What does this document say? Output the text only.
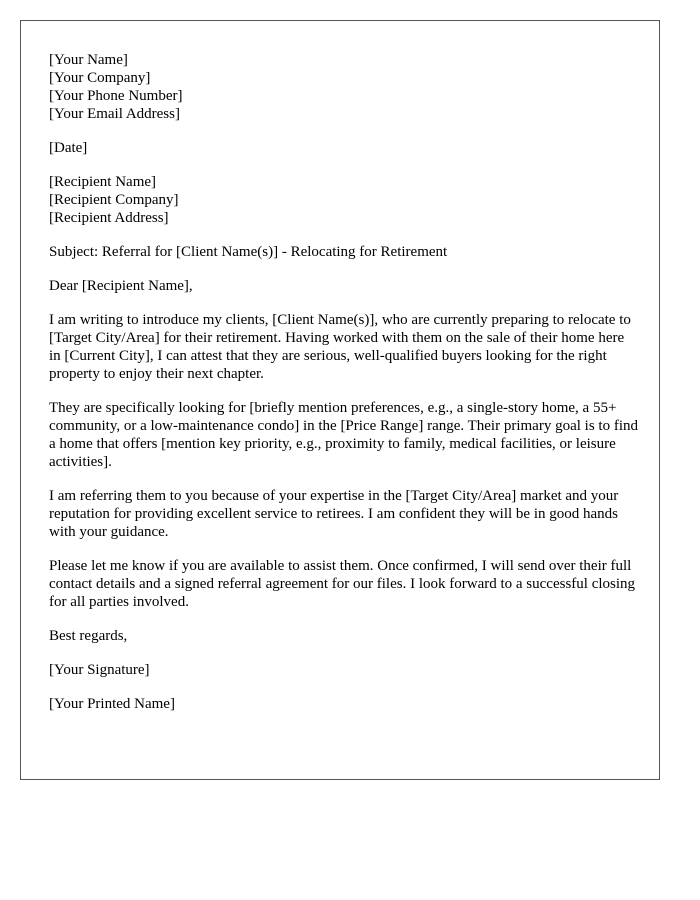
[Your Name]
[Your Company]
[Your Phone Number]
[Your Email Address]
[Date]
[Recipient Name]
[Recipient Company]
[Recipient Address]

Subject: Referral for [Client Name(s)] - Relocating for Retirement

Dear [Recipient Name],

I am writing to introduce my clients, [Client Name(s)], who are currently preparing to relocate to [Target City/Area] for their retirement. Having worked with them on the sale of their home here in [Current City], I can attest that they are serious, well-qualified buyers looking for the right property to enjoy their next chapter.

They are specifically looking for [briefly mention preferences, e.g., a single-story home, a 55+ community, or a low-maintenance condo] in the [Price Range] range. Their primary goal is to find a home that offers [mention key priority, e.g., proximity to family, medical facilities, or leisure activities].

I am referring them to you because of your expertise in the [Target City/Area] market and your reputation for providing excellent service to retirees. I am confident they will be in good hands with your guidance.

Please let me know if you are available to assist them. Once confirmed, I will send over their full contact details and a signed referral agreement for our files. I look forward to a successful closing for all parties involved.

Best regards,

[Your Signature]

[Your Printed Name]
